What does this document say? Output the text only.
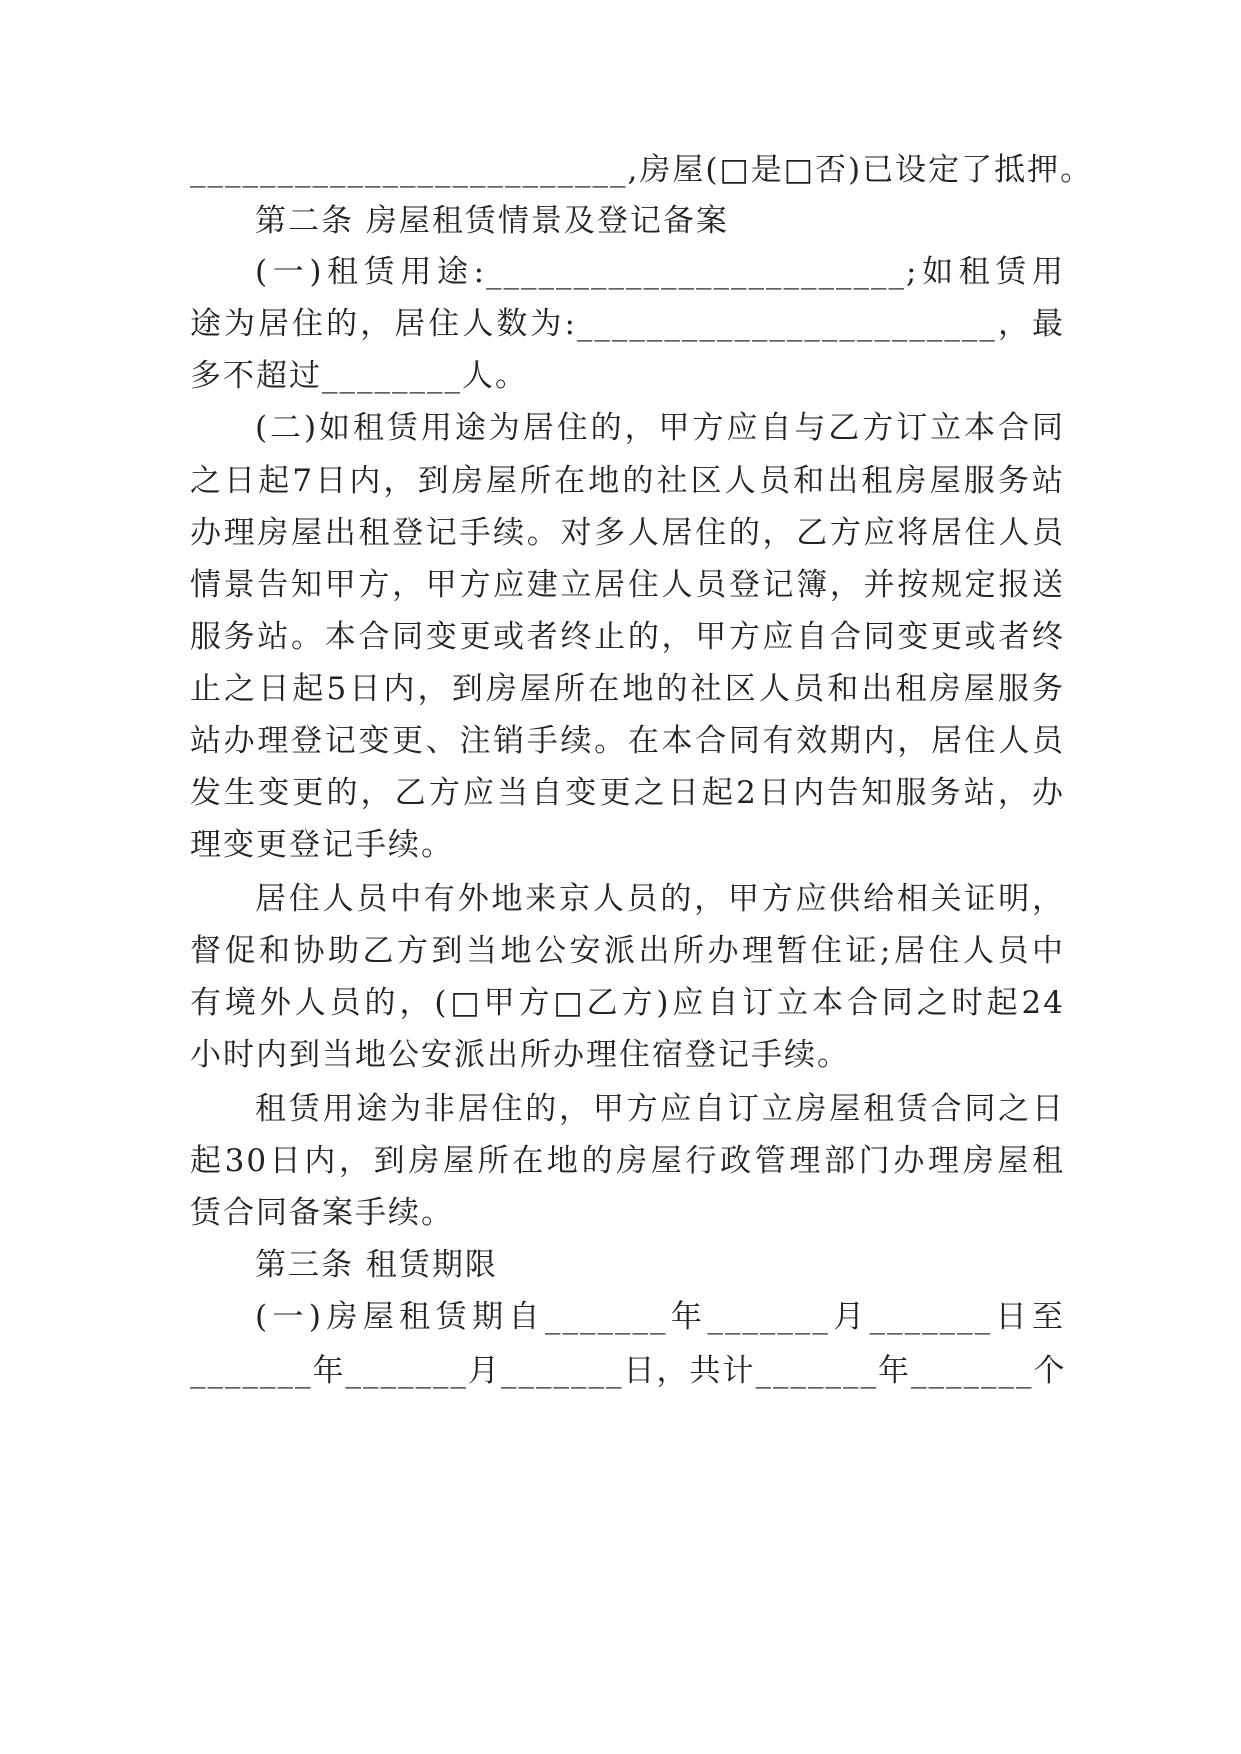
_________________________,房屋(□是□否)已设定了抵押。
第二条 房屋租赁情景及登记备案
(一)租赁用途:________________________;如租赁用
途为居住的，居住人数为:________________________，最
多不超过________人。
(二)如租赁用途为居住的，甲方应自与乙方订立本合同
之日起7日内，到房屋所在地的社区人员和出租房屋服务站
办理房屋出租登记手续。对多人居住的，乙方应将居住人员
情景告知甲方，甲方应建立居住人员登记簿，并按规定报送
服务站。本合同变更或者终止的，甲方应自合同变更或者终
止之日起5日内，到房屋所在地的社区人员和出租房屋服务
站办理登记变更、注销手续。在本合同有效期内，居住人员
发生变更的，乙方应当自变更之日起2日内告知服务站，办
理变更登记手续。
居住人员中有外地来京人员的，甲方应供给相关证明，
督促和协助乙方到当地公安派出所办理暂住证;居住人员中
有境外人员的，(□甲方□乙方)应自订立本合同之时起24
小时内到当地公安派出所办理住宿登记手续。
租赁用途为非居住的，甲方应自订立房屋租赁合同之日
起30日内，到房屋所在地的房屋行政管理部门办理房屋租
赁合同备案手续。
第三条 租赁期限
(一)房屋租赁期自_______年_______月_______日至
_______年_______月_______日，共计_______年_______个
